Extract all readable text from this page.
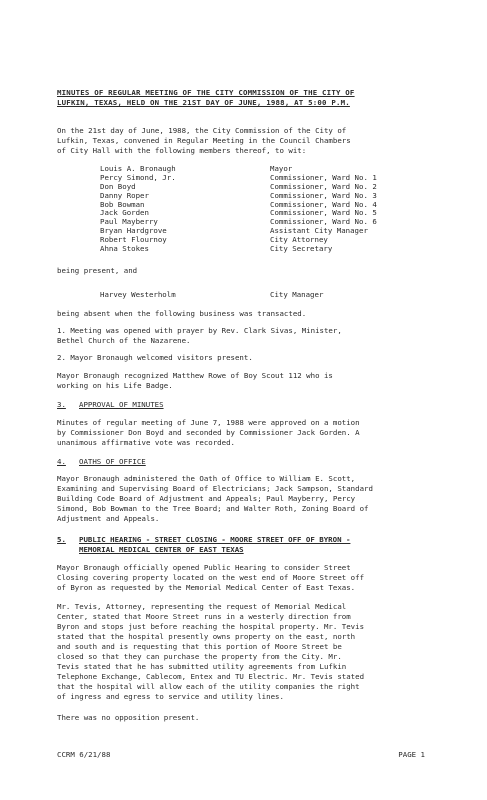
MINUTES OF REGULAR MEETING OF THE CITY COMMISSION OF THE CITY OF

LUFKIN, TEXAS, HELD ON THE 21ST DAY OF JUNE, 1988, AT 5:00 P.M.

On the 21st day of June, 1988, the City Commission of the City of

Lufkin, Texas, convened in Regular Meeting in the Council Chambers

of City Hall with the following members thereof, to wit:

Louis A. Bronaugh	Mayor
Percy Simond, Jr.	Commissioner, Ward No. 1
Don Boyd	Commissioner, Ward No. 2
Danny Roper	Commissioner, Ward No. 3
Bob Bowman	Commissioner, Ward No. 4
Jack Gorden	Commissioner, Ward No. 5
Paul Mayberry	Commissioner, Ward No. 6
Bryan Hardgrove	Assistant City Manager
Robert Flournoy	City Attorney
Ahna Stokes	City Secretary

being present, and

Harvey Westerholm	City Manager

being absent when the following business was transacted.

1. Meeting was opened with prayer by Rev. Clark Sivas, Minister,

Bethel Church of the Nazarene.

2. Mayor Bronaugh welcomed visitors present.

Mayor Bronaugh recognized Matthew Rowe of Boy Scout 112 who is

working on his Life Badge.

3.	APPROVAL OF MINUTES

Minutes of regular meeting of June 7, 1988 were approved on a motion

by Commissioner Don Boyd and seconded by Commissioner Jack Gorden. A

unanimous affirmative vote was recorded.

4.	OATHS OF OFFICE

Mayor Bronaugh administered the Oath of Office to William E. Scott,

Examining and Supervising Board of Electricians; Jack Sampson, Standard

Building Code Board of Adjustment and Appeals; Paul Mayberry, Percy

Simond, Bob Bowman to the Tree Board; and Walter Roth, Zoning Board of

Adjustment and Appeals.

5.	PUBLIC HEARING - STREET CLOSING - MOORE STREET OFF OF BYRON -
MEMORIAL MEDICAL CENTER OF EAST TEXAS

Mayor Bronaugh officially opened Public Hearing to consider Street

Closing covering property located on the west end of Moore Street off

of Byron as requested by the Memorial Medical Center of East Texas.

Mr. Tevis, Attorney, representing the request of Memorial Medical

Center, stated that Moore Street runs in a westerly direction from

Byron and stops just before reaching the hospital property. Mr. Tevis

stated that the hospital presently owns property on the east, north

and south and is requesting that this portion of Moore Street be

closed so that they can purchase the property from the City. Mr.

Tevis stated that he has submitted utility agreements from Lufkin

Telephone Exchange, Cablecom, Entex and TU Electric. Mr. Tevis stated

that the hospital will allow each of the utility companies the right

of ingress and egress to service and utility lines.

There was no opposition present.

CCRM 6/21/88	PAGE 1
